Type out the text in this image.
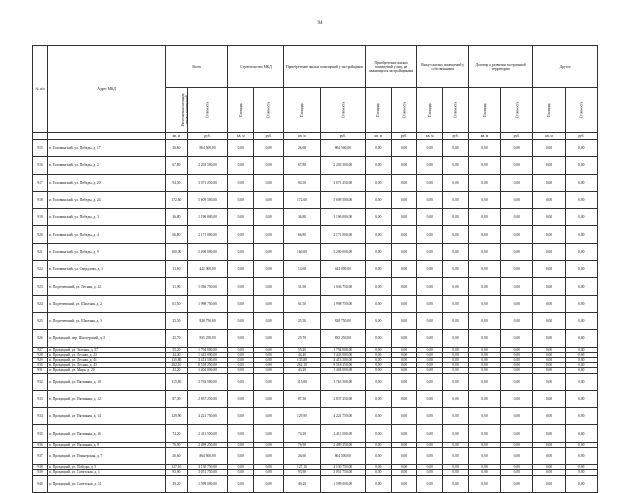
94
№ п/п	Адрес МКД	Всего		Строительство МКД		Приобретение жилых помещений у застройщиков		Приобретение жилых помещений у лиц, не являющихся застройщиками		Выкуп жилых помещений у собственников		Договор о развитии застроенной территории		Другое	
		Расселяемая площадь жилых помещений	Стоимость	Площадь	Стоимость	Площадь	Стоимость	Площадь	Стоимость	Площадь	Стоимость	Площадь	Стоимость	Площадь	Стоимость
		кв. м	руб.	кв. м	руб.	кв. м	руб.	кв. м	руб.	кв. м	руб.	кв. м	руб.	кв. м	руб.
915	п. Головинский, ул. Победы, д. 17	26,60	864 500,00	0,00	0,00	26,60	864 500,00	0,00	0,00	0,00	0,00	0,00	0,00	0,00	0,00
916	п. Головинский, ул. Победы, д. 2	67,80	2 203 500,00	0,00	0,00	67,80	2 203 500,00	0,00	0,00	0,00	0,00	0,00	0,00	0,00	0,00
917	п. Головинский, ул. Победы, д. 20	94,50	3 071 250,00	0,00	0,00	94,50	3 071 250,00	0,00	0,00	0,00	0,00	0,00	0,00	0,00	0,00
918	п. Головинский, ул. Победы, д. 24	172,60	5 609 500,00	0,00	0,00	172,60	5 609 500,00	0,00	0,00	0,00	0,00	0,00	0,00	0,00	0,00
919	п. Головинский, ул. Победы, д. 3	36,80	1 196 000,00	0,00	0,00	36,80	1 196 000,00	0,00	0,00	0,00	0,00	0,00	0,00	0,00	0,00
920	п. Головинский, ул. Победы, д. 4	66,80	2 171 000,00	0,00	0,00	66,80	2 171 000,00	0,00	0,00	0,00	0,00	0,00	0,00	0,00	0,00
921	п. Головинский, ул. Победы, д. 9	160,00	5 200 000,00	0,00	0,00	160,00	5 200 000,00	0,00	0,00	0,00	0,00	0,00	0,00	0,00	0,00
922	п. Головинский, ул. Свердлова, д. 1	13,60	442 000,00	0,00	0,00	13,60	442 000,00	0,00	0,00	0,00	0,00	0,00	0,00	0,00	0,00
923	п. Подгечевский, ул. Лесная, д. 12	31,90	1 036 750,00	0,00	0,00	31,90	1 036 750,00	0,00	0,00	0,00	0,00	0,00	0,00	0,00	0,00
924	п. Подгечевский, ул. Шахтная, д. 2	61,50	1 998 750,00	0,00	0,00	61,50	1 998 750,00	0,00	0,00	0,00	0,00	0,00	0,00	0,00	0,00
925	п. Подгечевский, ул. Шахтная, д. 3	25,50	828 750,00	0,00	0,00	25,50	828 750,00	0,00	0,00	0,00	0,00	0,00	0,00	0,00	0,00
926	п. Прокуцкий, пер. Шахтерский, д. 5	25,70	835 250,00	0,00	0,00	25,70	835 250,00	0,00	0,00	0,00	0,00	0,00	0,00	0,00	0,00
927	п. Прокуцкий, ул. Зеленая, д. 57	55,20	1 794 000,00	0,00	0,00	55,20	1 794 000,00	0,00	0,00	0,00	0,00	0,00	0,00	0,00	0,00
928	п. Прокуцкий, ул. Лесная, д. 23	44,40	1 443 000,00	0,00	0,00	44,40	1 443 000,00	0,00	0,00	0,00	0,00	0,00	0,00	0,00	0,00
929	п. Прокуцкий, ул. Лесная, д. 41	135,80	4 413 500,00	0,00	0,00	135,80	4 413 500,00	0,00	0,00	0,00	0,00	0,00	0,00	0,00	0,00
930	п. Прокуцкий, ул. Лесная, д. 43	262,10	8 518 250,00	0,00	0,00	262,10	8 518 250,00	0,00	0,00	0,00	0,00	0,00	0,00	0,00	0,00
931	п. Прокуцкий, ул. Мира, д. 29	43,20	1 404 000,00	0,00	0,00	43,20	1 404 000,00	0,00	0,00	0,00	0,00	0,00	0,00	0,00	0,00
932	п. Прокуцкий, ул. Пятинная, д. 10	115,80	3 763 500,00	0,00	0,00	115,80	3 763 500,00	0,00	0,00	0,00	0,00	0,00	0,00	0,00	0,00
933	п. Прокуцкий, ул. Пятинная, д. 12	87,30	2 837 250,00	0,00	0,00	87,30	2 837 250,00	0,00	0,00	0,00	0,00	0,00	0,00	0,00	0,00
934	п. Прокуцкий, ул. Пятинная, д. 14	129,90	4 221 750,00	0,00	0,00	129,90	4 221 750,00	0,00	0,00	0,00	0,00	0,00	0,00	0,00	0,00
935	п. Прокуцкий, ул. Пятинная, д. 16	74,20	2 411 500,00	0,00	0,00	74,20	2 411 500,00	0,00	0,00	0,00	0,00	0,00	0,00	0,00	0,00
936	п. Прокуцкий, ул. Пятинная, д. 8	76,90	2 499 250,00	0,00	0,00	76,90	2 499 250,00	0,00	0,00	0,00	0,00	0,00	0,00	0,00	0,00
937	п. Прокуцкий, ул. Пионерская, д. 7	26,60	864 500,00	0,00	0,00	26,60	864 500,00	0,00	0,00	0,00	0,00	0,00	0,00	0,00	0,00
938	п. Прокуцкий, ул. Победы, д. 5	127,10	4 130 750,00	0,00	0,00	127,10	4 130 750,00	0,00	0,00	0,00	0,00	0,00	0,00	0,00	0,00
939	п. Прокуцкий, ул. Советская, д. 1	93,90	3 051 750,00	0,00	0,00	93,90	3 051 750,00	0,00	0,00	0,00	0,00	0,00	0,00	0,00	0,00
940	п. Прокуцкий, ул. Советская, д. 11	49,20	1 599 000,00	0,00	0,00	49,20	1 599 000,00	0,00	0,00	0,00	0,00	0,00	0,00	0,00	0,00
